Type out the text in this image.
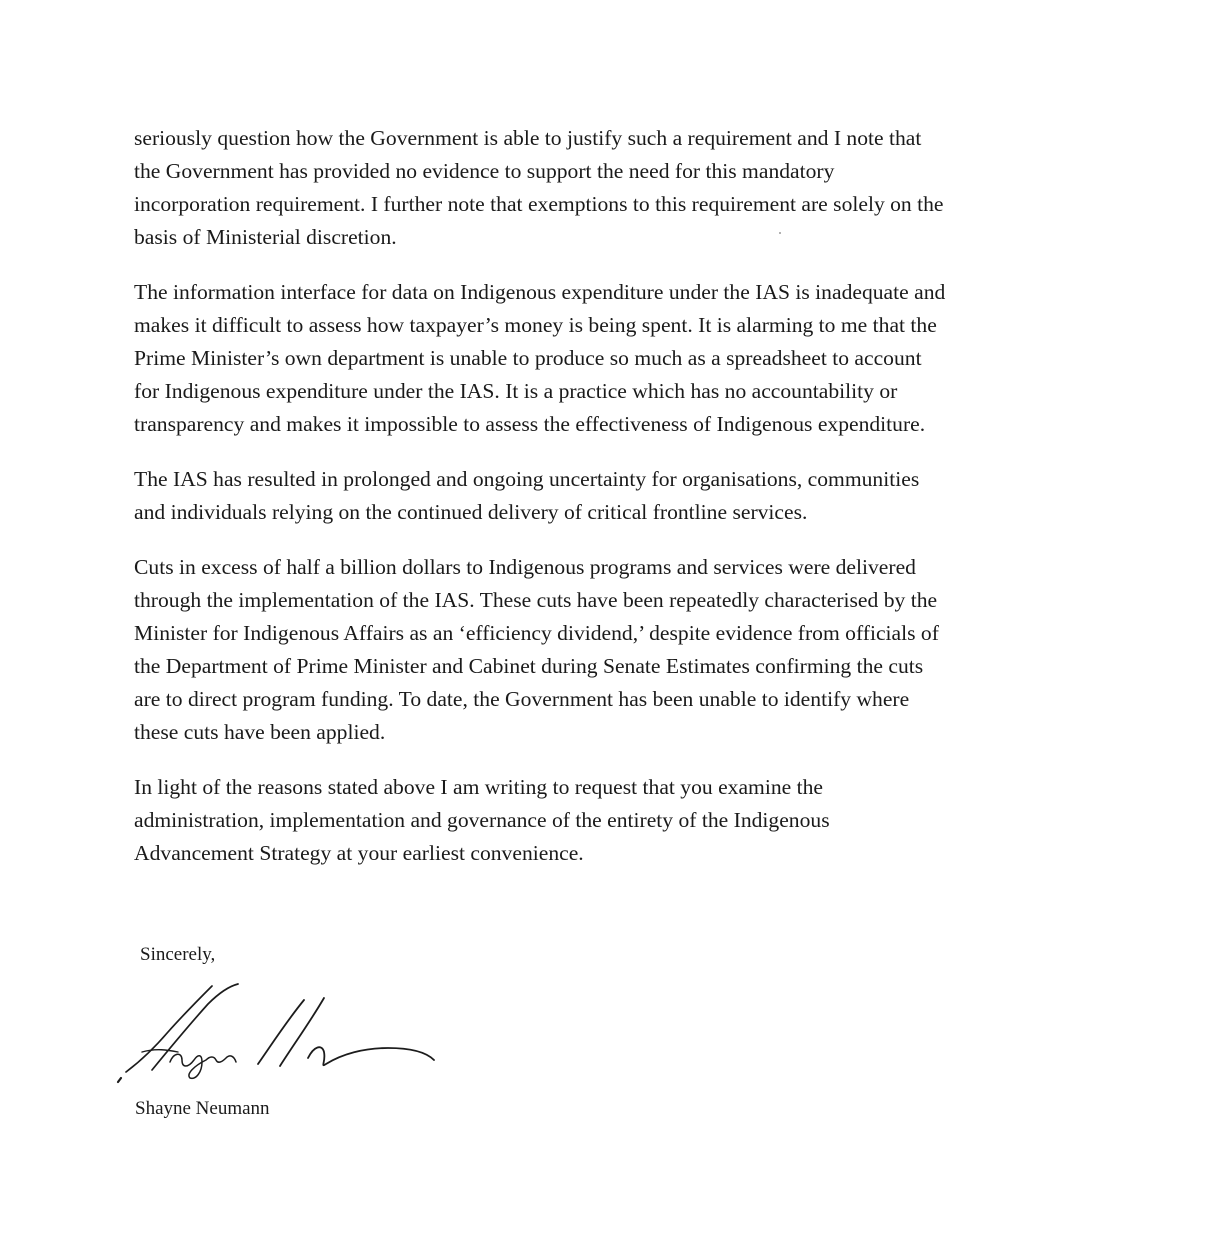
seriously question how the Government is able to justify such a requirement and I note that
the Government has provided no evidence to support the need for this mandatory
incorporation requirement. I further note that exemptions to this requirement are solely on the
basis of Ministerial discretion.

The information interface for data on Indigenous expenditure under the IAS is inadequate and
makes it difficult to assess how taxpayer’s money is being spent. It is alarming to me that the
Prime Minister’s own department is unable to produce so much as a spreadsheet to account
for Indigenous expenditure under the IAS. It is a practice which has no accountability or
transparency and makes it impossible to assess the effectiveness of Indigenous expenditure.

The IAS has resulted in prolonged and ongoing uncertainty for organisations, communities
and individuals relying on the continued delivery of critical frontline services.

Cuts in excess of half a billion dollars to Indigenous programs and services were delivered
through the implementation of the IAS. These cuts have been repeatedly characterised by the
Minister for Indigenous Affairs as an ‘efficiency dividend,’ despite evidence from officials of
the Department of Prime Minister and Cabinet during Senate Estimates confirming the cuts
are to direct program funding. To date, the Government has been unable to identify where
these cuts have been applied.

In light of the reasons stated above I am writing to request that you examine the
administration, implementation and governance of the entirety of the Indigenous
Advancement Strategy at your earliest convenience.

Sincerely,
Shayne Neumann
